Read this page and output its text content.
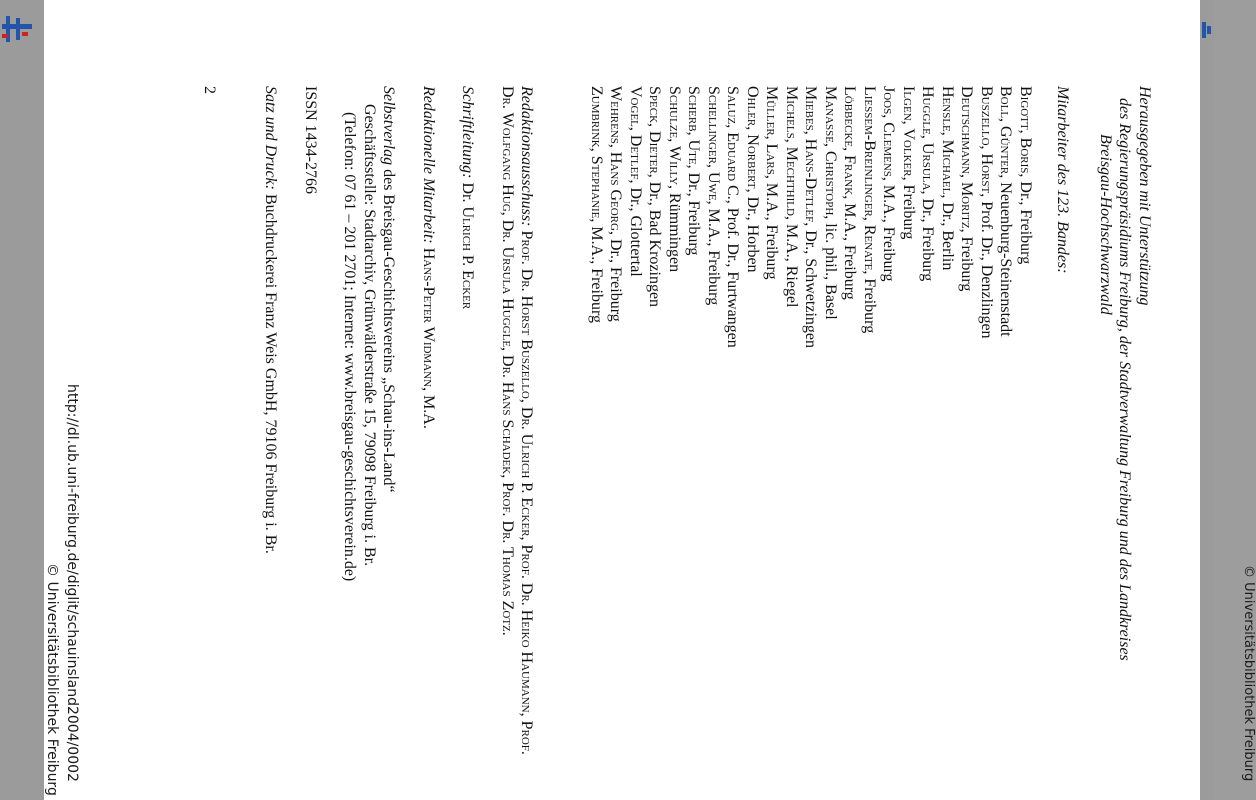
Herausgegeben mit Unterstützung

des Regierungspräsidiums Freiburg, der Stadtverwaltung Freiburg und des Landkreises

Breisgau-Hochschwarzwald

Mitarbeiter des 123. Bandes:

Bigott, Boris, Dr., Freiburg

Boll, Günter, Neuenburg-Steinenstadt

Buszello, Horst, Prof. Dr., Denzlingen

Deutschmann, Moritz, Freiburg

Hensle, Michael, Dr., Berlin

Huggle, Ursula, Dr., Freiburg

Ilgen, Volker, Freiburg

Joos, Clemens, M.A., Freiburg

Liessem-Breinlinger, Renate, Freiburg

Löbbecke, Frank, M.A., Freiburg

Manasse, Christoph, lic. phil., Basel

Miebes, Hans-Detlef, Dr., Schwetzingen

Michels, Mechthild, M.A., Riegel

Müller, Lars, M.A., Freiburg

Ohler, Norbert, Dr., Horben

Saluz, Eduard C., Prof. Dr., Furtwangen

Schellinger, Uwe, M.A., Freiburg

Scherb, Ute, Dr., Freiburg

Schulze, Willy, Rümmingen

Speck, Dieter, Dr., Bad Krozingen

Vogel, Detlef, Dr., Glottertal

Wehrens, Hans Georg, Dr., Freiburg

Zumbrink, Stephanie, M.A., Freiburg

Redaktionsausschuss: Prof. Dr. Horst Buszello, Dr. Ulrich P. Ecker, Prof. Dr. Heiko Haumann, Prof. Dr. Wolfgang Hug, Dr. Ursula Huggle, Dr. Hans Schadek, Prof. Dr. Thomas Zotz.

Schriftleitung: Dr. Ulrich P. Ecker

Redaktionelle Mitarbeit: Hans-Peter Widmann, M.A.

Selbstverlag des Breisgau-Geschichtsvereins „Schau-ins-Land“

Geschäftsstelle: Stadtarchiv, Grünwälderstraße 15, 79098 Freiburg i. Br.

(Telefon: 07 61 – 201 2701; Internet: www.breisgau-geschichtsverein.de)

ISSN 1434-2766

Satz und Druck: Buchdruckerei Franz Weis GmbH, 79106 Freiburg i. Br.

2

http://dl.ub.uni-freiburg.de/diglit/schauinsland2004/0002
© Universitätsbibliothek Freiburg	© Universitätsbibliothek Freiburg
